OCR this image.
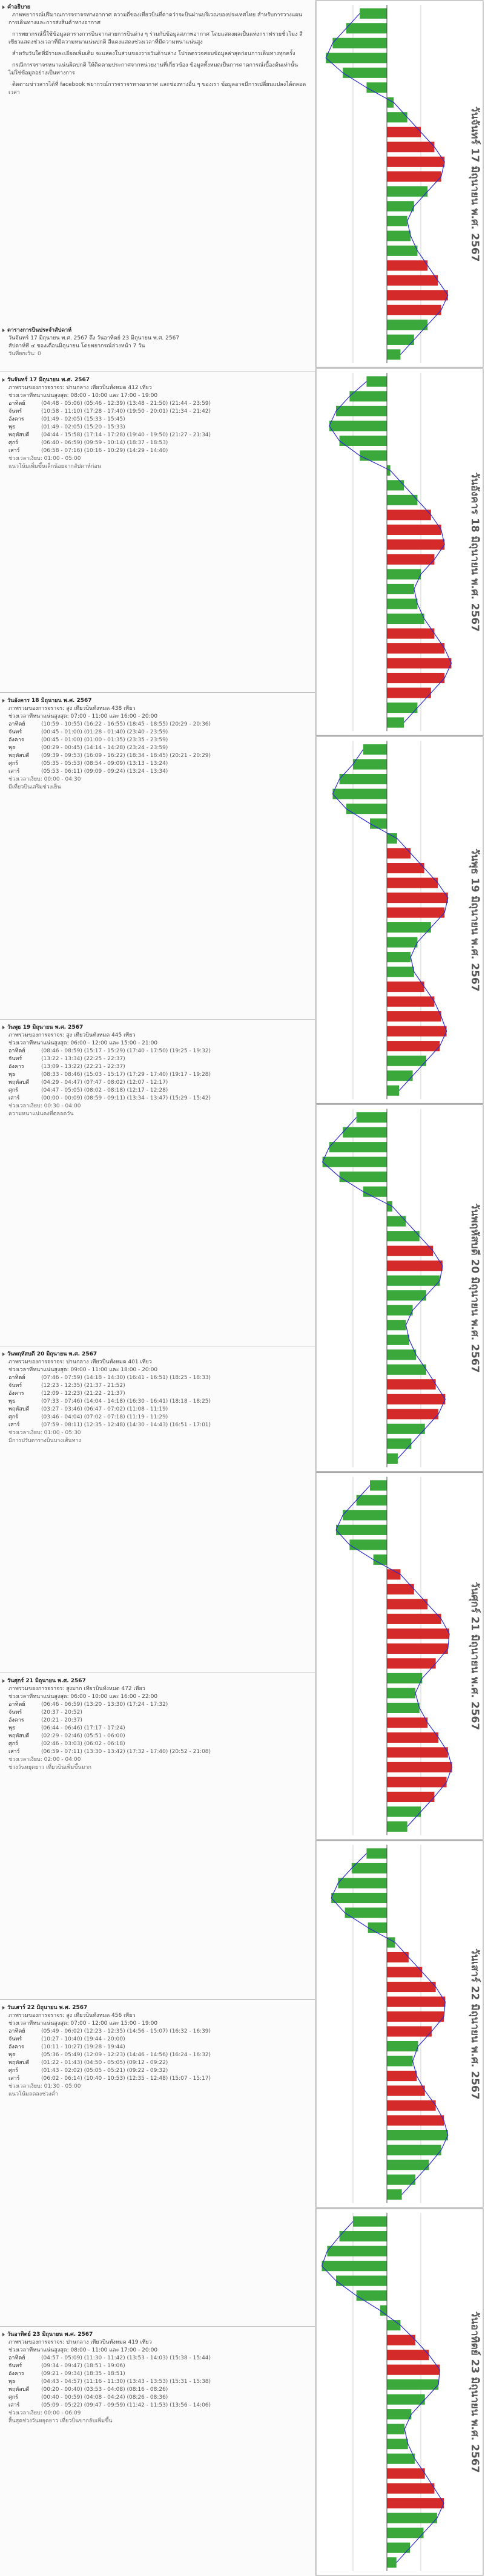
คำอธิบาย
ภาพพยากรณ์ปริมาณการจราจรทางอากาศ ความถี่ของเที่ยวบินที่คาดว่าจะบินผ่านบริเวณของประเทศไทย สำหรับการวางแผนการเดินทางและการส่งสินค้าทางอากาศ
การพยากรณ์นี้ใช้ข้อมูลตารางการบินจากสายการบินต่าง ๆ ร่วมกับข้อมูลสภาพอากาศ โดยแสดงผลเป็นแท่งกราฟรายชั่วโมง สีเขียวแสดงช่วงเวลาที่มีความหนาแน่นปกติ สีแดงแสดงช่วงเวลาที่มีความหนาแน่นสูง
สำหรับวันใดที่มีรายละเอียดเพิ่มเติม จะแสดงในส่วนของรายวันด้านล่าง โปรดตรวจสอบข้อมูลล่าสุดก่อนการเดินทางทุกครั้ง
กรณีการจราจรหนาแน่นผิดปกติ ให้ติดตามประกาศจากหน่วยงานที่เกี่ยวข้อง ข้อมูลทั้งหมดเป็นการคาดการณ์เบื้องต้นเท่านั้น ไม่ใช่ข้อมูลอย่างเป็นทางการ
ติดตามข่าวสารได้ที่ facebook พยากรณ์การจราจรทางอากาศ และช่องทางอื่น ๆ ของเรา ข้อมูลอาจมีการเปลี่ยนแปลงได้ตลอดเวลา
ตารางการบินประจำสัปดาห์
วันจันทร์ 17 มิถุนายน พ.ศ. 2567 ถึง วันอาทิตย์ 23 มิถุนายน พ.ศ. 2567
สัปดาห์ที่ ๔ ของเดือนมิถุนายน โดยพยากรณ์ล่วงหน้า 7 วัน
วันที่ยกเว้น: 0
วันจันทร์ 17 มิถุนายน พ.ศ. 2567
ภาพรวมของการจราจร: ปานกลาง เที่ยวบินทั้งหมด 412 เที่ยว
ช่วงเวลาที่หนาแน่นสูงสุด: 08:00 - 10:00 และ 17:00 - 19:00
อาทิตย์	(04:48 - 05:06) (05:46 - 12:39) (13:48 - 21:50) (21:44 - 23:59)
จันทร์	(10:58 - 11:10) (17:28 - 17:40) (19:50 - 20:01) (21:34 - 21:42)
อังคาร	(01:49 - 02:05) (15:33 - 15:45)
พุธ	(01:49 - 02:05) (15:20 - 15:33)
พฤหัสบดี	(04:44 - 15:58) (17:14 - 17:28) (19:40 - 19:50) (21:27 - 21:34)
ศุกร์	(06:40 - 06:59) (09:59 - 10:14) (18:37 - 18:53)
เสาร์	(06:58 - 07:16) (10:16 - 10:29) (14:29 - 14:40)
ช่วงเวลาเงียบ: 01:00 - 05:00
แนวโน้มเพิ่มขึ้นเล็กน้อยจากสัปดาห์ก่อน
วันอังคาร 18 มิถุนายน พ.ศ. 2567
ภาพรวมของการจราจร: สูง เที่ยวบินทั้งหมด 438 เที่ยว
ช่วงเวลาที่หนาแน่นสูงสุด: 07:00 - 11:00 และ 16:00 - 20:00
อาทิตย์	(10:59 - 10:55) (16:22 - 16:55) (18:45 - 18:55) (20:29 - 20:36)
จันทร์	(00:45 - 01:00) (01:28 - 01:40) (23:40 - 23:59)
อังคาร	(00:45 - 01:00) (01:00 - 01:35) (23:35 - 23:59)
พุธ	(00:29 - 00:45) (14:14 - 14:28) (23:24 - 23:59)
พฤหัสบดี	(09:39 - 09:53) (16:09 - 16:22) (18:34 - 18:45) (20:21 - 20:29)
ศุกร์	(05:35 - 05:53) (08:54 - 09:09) (13:13 - 13:24)
เสาร์	(05:53 - 06:11) (09:09 - 09:24) (13:24 - 13:34)
ช่วงเวลาเงียบ: 00:00 - 04:30
มีเที่ยวบินเสริมช่วงเย็น
วันพุธ 19 มิถุนายน พ.ศ. 2567
ภาพรวมของการจราจร: สูง เที่ยวบินทั้งหมด 445 เที่ยว
ช่วงเวลาที่หนาแน่นสูงสุด: 06:00 - 12:00 และ 15:00 - 21:00
อาทิตย์	(08:46 - 08:59) (15:17 - 15:29) (17:40 - 17:50) (19:25 - 19:32)
จันทร์	(13:22 - 13:34) (22:25 - 22:37)
อังคาร	(13:09 - 13:22) (22:21 - 22:37)
พุธ	(08:33 - 08:46) (15:03 - 15:17) (17:29 - 17:40) (19:17 - 19:28)
พฤหัสบดี	(04:29 - 04:47) (07:47 - 08:02) (12:07 - 12:17)
ศุกร์	(04:47 - 05:05) (08:02 - 08:18) (12:17 - 12:28)
เสาร์	(00:00 - 00:09) (08:59 - 09:11) (13:34 - 13:47) (15:29 - 15:42)
ช่วงเวลาเงียบ: 00:30 - 04:00
ความหนาแน่นคงที่ตลอดวัน
วันพฤหัสบดี 20 มิถุนายน พ.ศ. 2567
ภาพรวมของการจราจร: ปานกลาง เที่ยวบินทั้งหมด 401 เที่ยว
ช่วงเวลาที่หนาแน่นสูงสุด: 09:00 - 11:00 และ 18:00 - 20:00
อาทิตย์	(07:46 - 07:59) (14:18 - 14:30) (16:41 - 16:51) (18:25 - 18:33)
จันทร์	(12:23 - 12:35) (21:37 - 21:52)
อังคาร	(12:09 - 12:23) (21:22 - 21:37)
พุธ	(07:33 - 07:46) (14:04 - 14:18) (16:30 - 16:41) (18:18 - 18:25)
พฤหัสบดี	(03:27 - 03:46) (06:47 - 07:02) (11:08 - 11:19)
ศุกร์	(03:46 - 04:04) (07:02 - 07:18) (11:19 - 11:29)
เสาร์	(07:59 - 08:11) (12:35 - 12:48) (14:30 - 14:43) (16:51 - 17:01)
ช่วงเวลาเงียบ: 01:00 - 05:30
มีการปรับตารางบินบางเส้นทาง
วันศุกร์ 21 มิถุนายน พ.ศ. 2567
ภาพรวมของการจราจร: สูงมาก เที่ยวบินทั้งหมด 472 เที่ยว
ช่วงเวลาที่หนาแน่นสูงสุด: 06:00 - 10:00 และ 16:00 - 22:00
อาทิตย์	(06:46 - 06:59) (13:20 - 13:30) (17:24 - 17:32)
จันทร์	(20:37 - 20:52)
อังคาร	(20:21 - 20:37)
พุธ	(06:44 - 06:46) (17:17 - 17:24)
พฤหัสบดี	(02:29 - 02:46) (05:51 - 06:00)
ศุกร์	(02:46 - 03:03) (06:02 - 06:18)
เสาร์	(06:59 - 07:11) (13:30 - 13:42) (17:32 - 17:40) (20:52 - 21:08)
ช่วงเวลาเงียบ: 02:00 - 04:00
ช่วงวันหยุดยาว เที่ยวบินเพิ่มขึ้นมาก
วันเสาร์ 22 มิถุนายน พ.ศ. 2567
ภาพรวมของการจราจร: สูง เที่ยวบินทั้งหมด 456 เที่ยว
ช่วงเวลาที่หนาแน่นสูงสุด: 07:00 - 12:00 และ 15:00 - 19:00
อาทิตย์	(05:49 - 06:02) (12:23 - 12:35) (14:56 - 15:07) (16:32 - 16:39)
จันทร์	(10:27 - 10:40) (19:44 - 20:00)
อังคาร	(10:11 - 10:27) (19:28 - 19:44)
พุธ	(05:36 - 05:49) (12:09 - 12:23) (14:46 - 14:56) (16:24 - 16:32)
พฤหัสบดี	(01:22 - 01:43) (04:50 - 05:05) (09:12 - 09:22)
ศุกร์	(01:43 - 02:02) (05:05 - 05:21) (09:22 - 09:32)
เสาร์	(06:02 - 06:14) (10:40 - 10:53) (12:35 - 12:48) (15:07 - 15:17)
ช่วงเวลาเงียบ: 01:30 - 05:00
แนวโน้มลดลงช่วงค่ำ
วันอาทิตย์ 23 มิถุนายน พ.ศ. 2567
ภาพรวมของการจราจร: ปานกลาง เที่ยวบินทั้งหมด 419 เที่ยว
ช่วงเวลาที่หนาแน่นสูงสุด: 08:00 - 11:00 และ 17:00 - 20:00
อาทิตย์	(04:57 - 05:09) (11:30 - 11:42) (13:53 - 14:03) (15:38 - 15:44)
จันทร์	(09:34 - 09:47) (18:51 - 19:06)
อังคาร	(09:21 - 09:34) (18:35 - 18:51)
พุธ	(04:43 - 04:57) (11:16 - 11:30) (13:43 - 13:53) (15:31 - 15:38)
พฤหัสบดี	(00:20 - 00:40) (03:53 - 04:08) (08:16 - 08:26)
ศุกร์	(00:40 - 00:59) (04:08 - 04:24) (08:26 - 08:36)
เสาร์	(05:09 - 05:22) (09:47 - 09:59) (11:42 - 11:53) (13:56 - 14:06)
ช่วงเวลาเงียบ: 00:00 - 06:09
สิ้นสุดช่วงวันหยุดยาว เที่ยวบินขากลับเพิ่มขึ้น
วันจันทร์ 17 มิถุนายน พ.ศ. 2567
วันอังคาร 18 มิถุนายน พ.ศ. 2567
วันพุธ 19 มิถุนายน พ.ศ. 2567
วันพฤหัสบดี 20 มิถุนายน พ.ศ. 2567
วันศุกร์ 21 มิถุนายน พ.ศ. 2567
วันเสาร์ 22 มิถุนายน พ.ศ. 2567
วันอาทิตย์ 23 มิถุนายน พ.ศ. 2567
